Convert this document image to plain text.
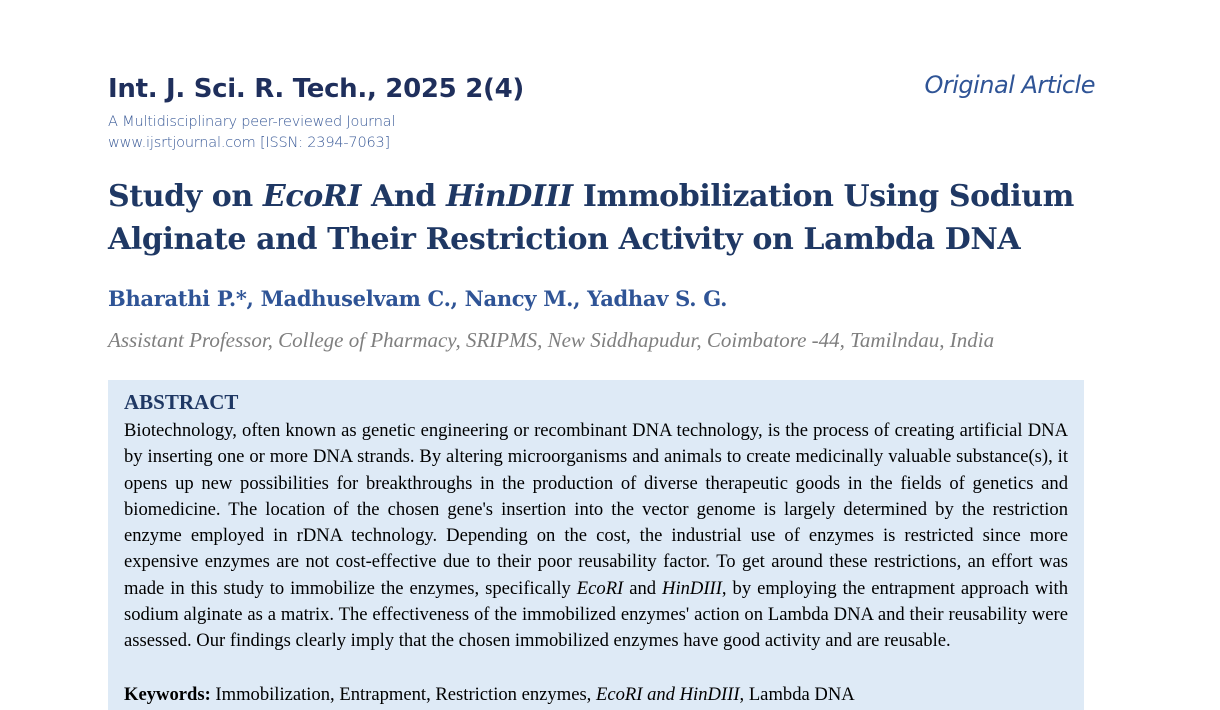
Int. J. Sci. R. Tech., 2025 2(4)	Original Article
A Multidisciplinary peer-reviewed Journal
www.ijsrtjournal.com [ISSN: 2394-7063]
Study on EcoRI And HinDIII Immobilization Using Sodium Alginate and Their Restriction Activity on Lambda DNA
Bharathi P.*, Madhuselvam C., Nancy M., Yadhav S. G.
Assistant Professor, College of Pharmacy, SRIPMS, New Siddhapudur, Coimbatore -44, Tamilndau, India
ABSTRACT

Biotechnology, often known as genetic engineering or recombinant DNA technology, is the process of creating artificial DNA by inserting one or more DNA strands. By altering microorganisms and animals to create medicinally valuable substance(s), it opens up new possibilities for breakthroughs in the production of diverse therapeutic goods in the fields of genetics and biomedicine. The location of the chosen gene's insertion into the vector genome is largely determined by the restriction enzyme employed in rDNA technology. Depending on the cost, the industrial use of enzymes is restricted since more expensive enzymes are not cost-effective due to their poor reusability factor. To get around these restrictions, an effort was made in this study to immobilize the enzymes, specifically EcoRI and HinDIII, by employing the entrapment approach with sodium alginate as a matrix. The effectiveness of the immobilized enzymes' action on Lambda DNA and their reusability were assessed. Our findings clearly imply that the chosen immobilized enzymes have good activity and are reusable.

Keywords: Immobilization, Entrapment, Restriction enzymes, EcoRI and HinDIII, Lambda DNA
